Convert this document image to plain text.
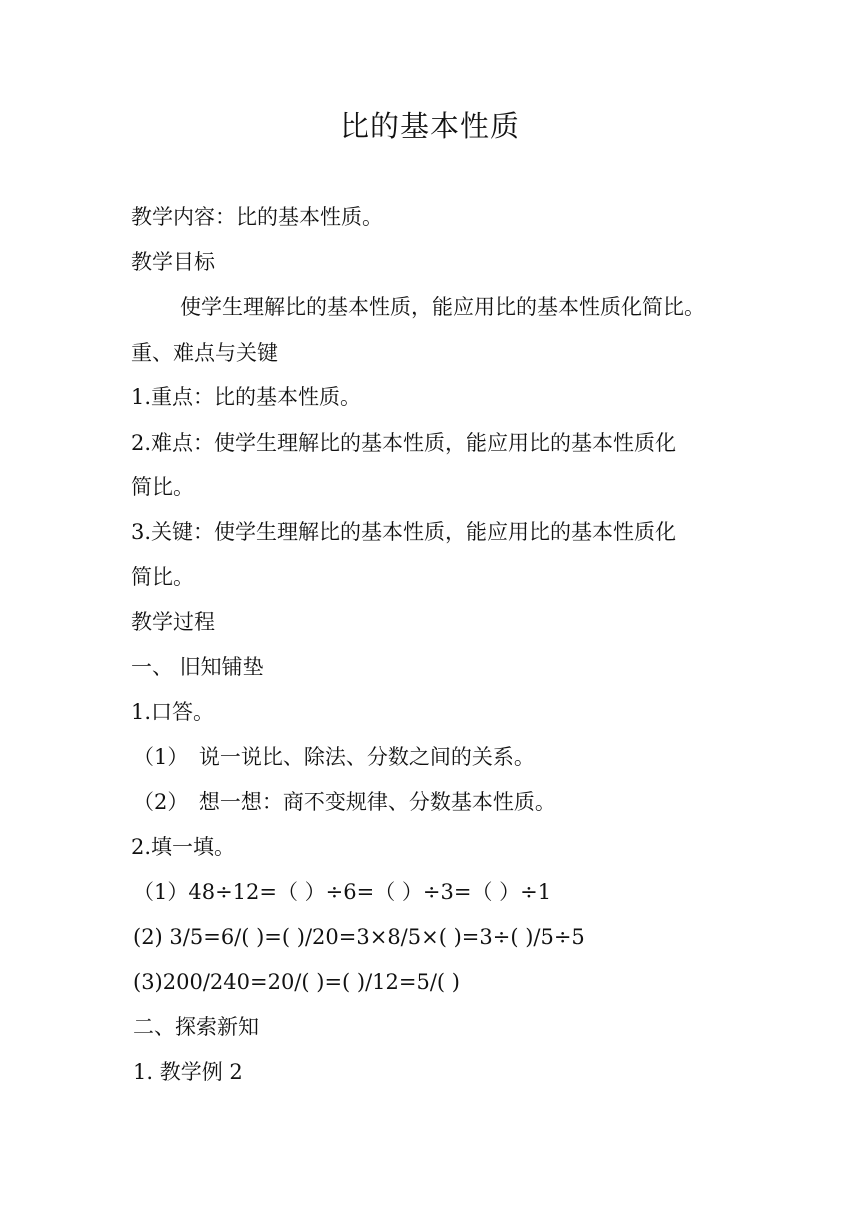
比的基本性质
教学内容：比的基本性质。
教学目标
使学生理解比的基本性质，能应用比的基本性质化简比。
重、难点与关键
1.重点：比的基本性质。
2.难点：使学生理解比的基本性质，能应用比的基本性质化
简比。
3.关键：使学生理解比的基本性质，能应用比的基本性质化
简比。
教学过程
一、 旧知铺垫
1.口答。
（1）　说一说比、除法、分数之间的关系。
（2）　想一想：商不变规律、分数基本性质。
2.填一填。
（1）48÷12=（ ）÷6=（ ）÷3=（ ）÷1
(2) 3/5=6/( )=( )/20=3×8/5×( )=3÷( )/5÷5
(3)200/240=20/( )=( )/12=5/( )
二、探索新知
1. 教学例 2
